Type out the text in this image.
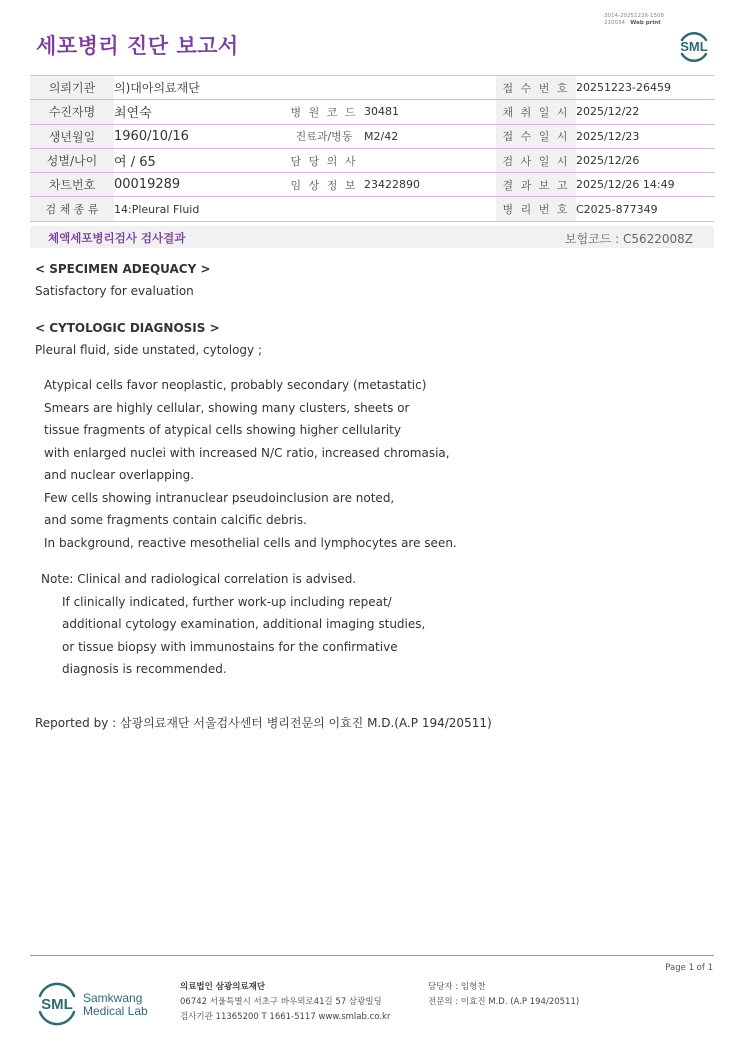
세포병리 진단 보고서
3014-20251226-1508
210034 Web print
SML
의뢰기관	의)대아의료재단			접 수 번 호	20251223-26459
수진자명	최연숙	병 원 코 드	30481	채 취 일 시	2025/12/22
생년월일	1960/10/16	진료과/병동	M2/42	접 수 일 시	2025/12/23
성별/나이	여 / 65	담 당 의 사		검 사 일 시	2025/12/26
차트번호	00019289	임 상 정 보	23422890	결 과 보 고	2025/12/26 14:49
검 체 종 류	14:Pleural Fluid			병 리 번 호	C2025-877349
체액세포병리검사 검사결과	보험코드 : C5622008Z
< SPECIMEN ADEQUACY >
Satisfactory for evaluation
< CYTOLOGIC DIAGNOSIS >
Pleural fluid, side unstated, cytology ;
Atypical cells favor neoplastic, probably secondary (metastatic)
Smears are highly cellular, showing many clusters, sheets or
tissue fragments of atypical cells showing higher cellularity
with enlarged nuclei with increased N/C ratio, increased chromasia,
and nuclear overlapping.
Few cells showing intranuclear pseudoinclusion are noted,
and some fragments contain calcific debris.
In background, reactive mesothelial cells and lymphocytes are seen.
Note: Clinical and radiological correlation is advised.
If clinically indicated, further work-up including repeat/
additional cytology examination, additional imaging studies,
or tissue biopsy with immunostains for the confirmative
diagnosis is recommended.
Reported by : 삼광의료재단 서울검사센터 병리전문의 이효진 M.D.(A.P 194/20511)
Page 1 of 1
SML Samkwang
Medical Lab
의료법인 삼광의료재단
06742 서울특별시 서초구 바우뫼로41길 57 삼광빌딩
검사기관 11365200 T 1661-5117 www.smlab.co.kr
담당자 : 임형찬
전문의 : 이효진 M.D. (A.P 194/20511)
